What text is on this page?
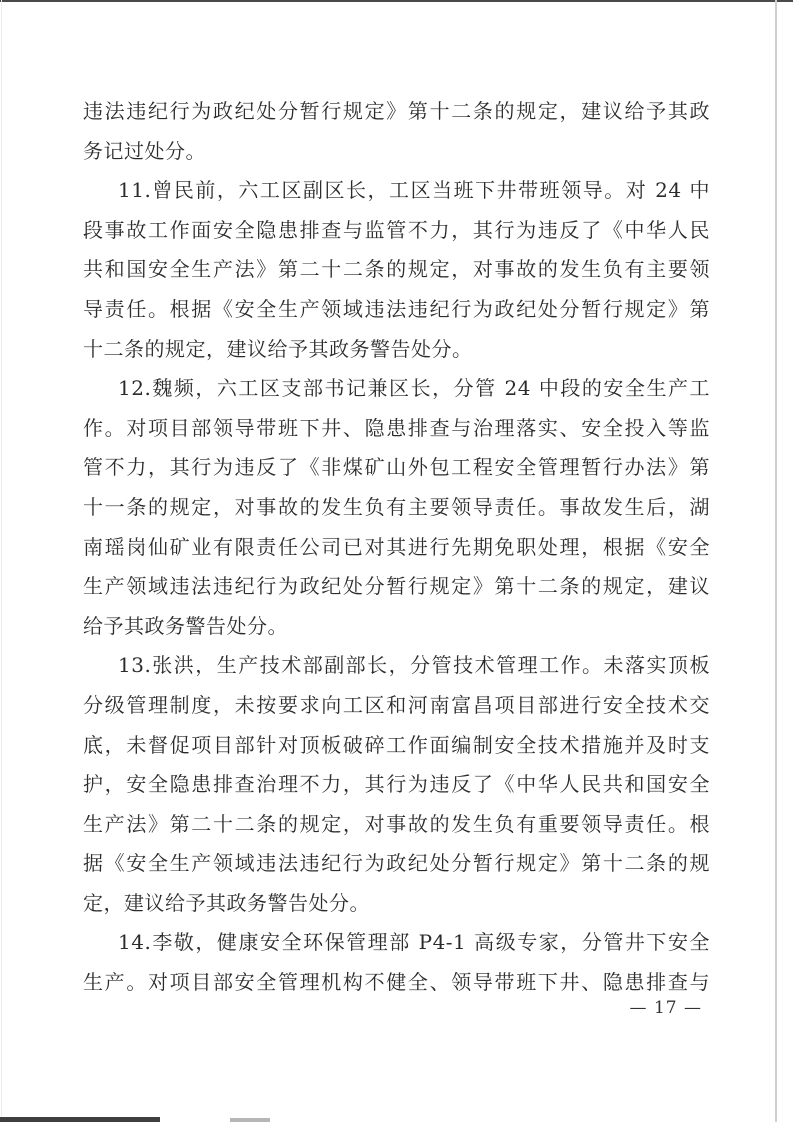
违法违纪行为政纪处分暂行规定》第十二条的规定，建议给予其政
务记过处分。
11.曾民前，六工区副区长，工区当班下井带班领导。对 24 中
段事故工作面安全隐患排查与监管不力，其行为违反了《中华人民
共和国安全生产法》第二十二条的规定，对事故的发生负有主要领
导责任。根据《安全生产领域违法违纪行为政纪处分暂行规定》第
十二条的规定，建议给予其政务警告处分。
12.魏频，六工区支部书记兼区长，分管 24 中段的安全生产工
作。对项目部领导带班下井、隐患排查与治理落实、安全投入等监
管不力，其行为违反了《非煤矿山外包工程安全管理暂行办法》第
十一条的规定，对事故的发生负有主要领导责任。事故发生后，湖
南瑶岗仙矿业有限责任公司已对其进行先期免职处理，根据《安全
生产领域违法违纪行为政纪处分暂行规定》第十二条的规定，建议
给予其政务警告处分。
13.张洪，生产技术部副部长，分管技术管理工作。未落实顶板
分级管理制度，未按要求向工区和河南富昌项目部进行安全技术交
底，未督促项目部针对顶板破碎工作面编制安全技术措施并及时支
护，安全隐患排查治理不力，其行为违反了《中华人民共和国安全
生产法》第二十二条的规定，对事故的发生负有重要领导责任。根
据《安全生产领域违法违纪行为政纪处分暂行规定》第十二条的规
定，建议给予其政务警告处分。
14.李敬，健康安全环保管理部 P4-1 高级专家，分管井下安全
生产。对项目部安全管理机构不健全、领导带班下井、隐患排查与
— 17 —
